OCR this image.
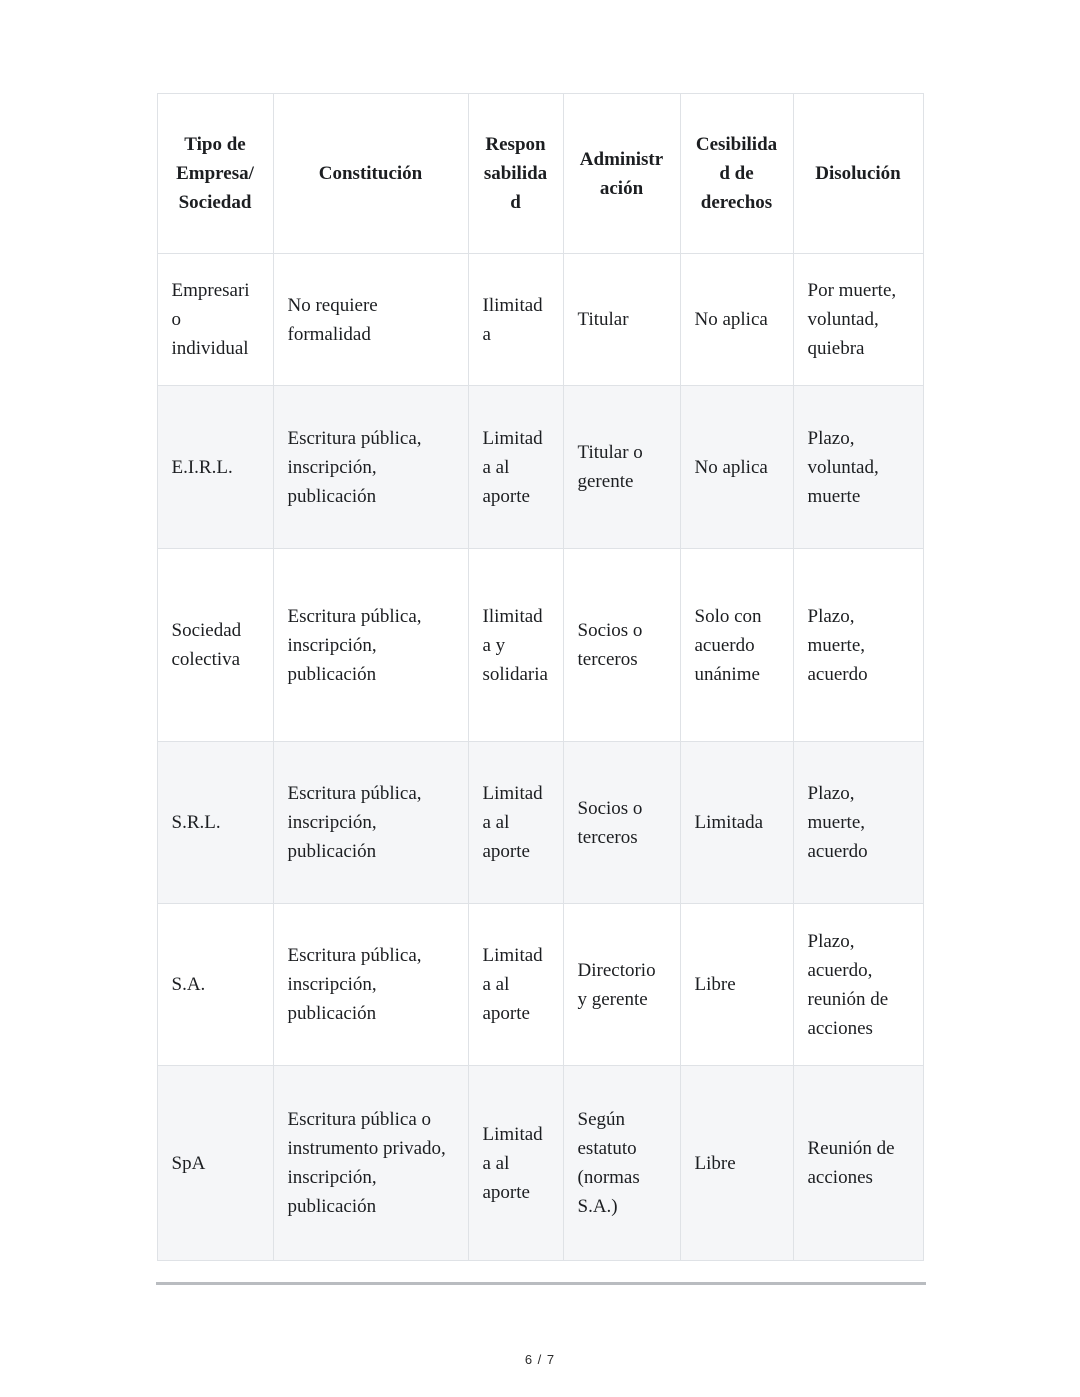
Tipo de Empresa/Sociedad	Constitución	Responsabilidad	Administración	Cesibilidad de derechos	Disolución
Empresario individual	No requiere formalidad	Ilimitada	Titular	No aplica	Por muerte, voluntad, quiebra
E.I.R.L.	Escritura pública, inscripción, publicación	Limitada al aporte	Titular o gerente	No aplica	Plazo, voluntad, muerte
Sociedad colectiva	Escritura pública, inscripción, publicación	Ilimitada y solidaria	Socios o terceros	Solo con acuerdo unánime	Plazo, muerte, acuerdo
S.R.L.	Escritura pública, inscripción, publicación	Limitada al aporte	Socios o terceros	Limitada	Plazo, muerte, acuerdo
S.A.	Escritura pública, inscripción, publicación	Limitada al aporte	Directorio y gerente	Libre	Plazo, acuerdo, reunión de acciones
SpA	Escritura pública o instrumento privado, inscripción, publicación	Limitada al aporte	Según estatuto (normas S.A.)	Libre	Reunión de acciones
6 / 7
